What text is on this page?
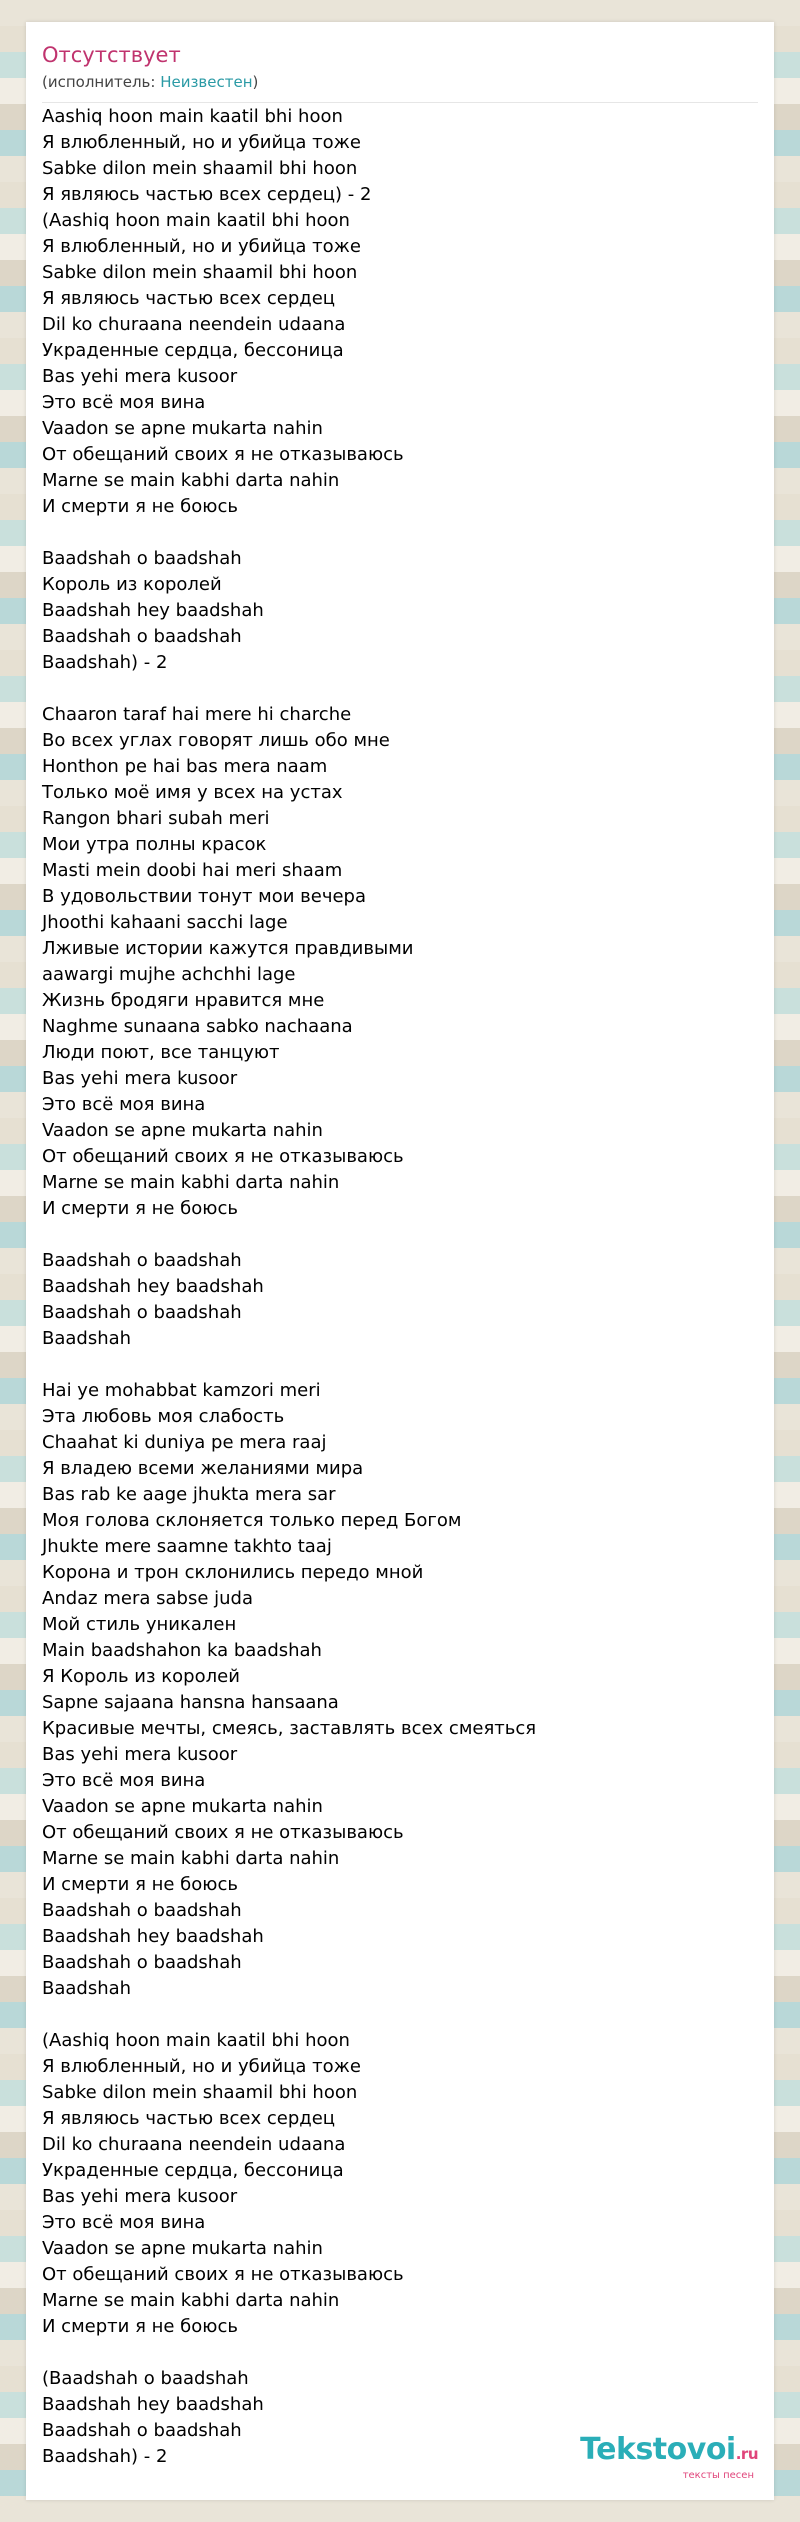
Отсутствует
(исполнитель: Неизвестен)
Aashiq hoon main kaatil bhi hoon
Я влюбленный, но и убийца тоже
Sabke dilon mein shaamil bhi hoon
Я являюсь частью всех сердец) - 2
(Aashiq hoon main kaatil bhi hoon
Я влюбленный, но и убийца тоже
Sabke dilon mein shaamil bhi hoon
Я являюсь частью всех сердец
Dil ko churaana neendein udaana
Украденные сердца, бессоница
Bas yehi mera kusoor
Это всё моя вина
Vaadon se apne mukarta nahin
От обещаний своих я не отказываюсь
Marne se main kabhi darta nahin
И смерти я не боюсь
Baadshah o baadshah
Король из королей
Baadshah hey baadshah
Baadshah o baadshah
Baadshah) - 2
Chaaron taraf hai mere hi charche
Во всех углах говорят лишь обо мне
Honthon pe hai bas mera naam
Только моё имя у всех на устах
Rangon bhari subah meri
Мои утра полны красок
Masti mein doobi hai meri shaam
В удовольствии тонут мои вечера
Jhoothi kahaani sacchi lage
Лживые истории кажутся правдивыми
aawargi mujhe achchhi lage
Жизнь бродяги нравится мне
Naghme sunaana sabko nachaana
Люди поют, все танцуют
Bas yehi mera kusoor
Это всё моя вина
Vaadon se apne mukarta nahin
От обещаний своих я не отказываюсь
Marne se main kabhi darta nahin
И смерти я не боюсь
Baadshah o baadshah
Baadshah hey baadshah
Baadshah o baadshah
Baadshah
Hai ye mohabbat kamzori meri
Эта любовь моя слабость
Chaahat ki duniya pe mera raaj
Я владею всеми желаниями мира
Bas rab ke aage jhukta mera sar
Моя голова склоняется только перед Богом
Jhukte mere saamne takhto taaj
Корона и трон склонились передо мной
Andaz mera sabse juda
Мой стиль уникален
Main baadshahon ka baadshah
Я Король из королей
Sapne sajaana hansna hansaana
Красивые мечты, смеясь, заставлять всех смеяться
Bas yehi mera kusoor
Это всё моя вина
Vaadon se apne mukarta nahin
От обещаний своих я не отказываюсь
Marne se main kabhi darta nahin
И смерти я не боюсь
Baadshah o baadshah
Baadshah hey baadshah
Baadshah o baadshah
Baadshah
(Aashiq hoon main kaatil bhi hoon
Я влюбленный, но и убийца тоже
Sabke dilon mein shaamil bhi hoon
Я являюсь частью всех сердец
Dil ko churaana neendein udaana
Украденные сердца, бессоница
Bas yehi mera kusoor
Это всё моя вина
Vaadon se apne mukarta nahin
От обещаний своих я не отказываюсь
Marne se main kabhi darta nahin
И смерти я не боюсь
(Baadshah o baadshah
Baadshah hey baadshah
Baadshah o baadshah
Baadshah) - 2	Tekstovoi.ru
тексты песен
